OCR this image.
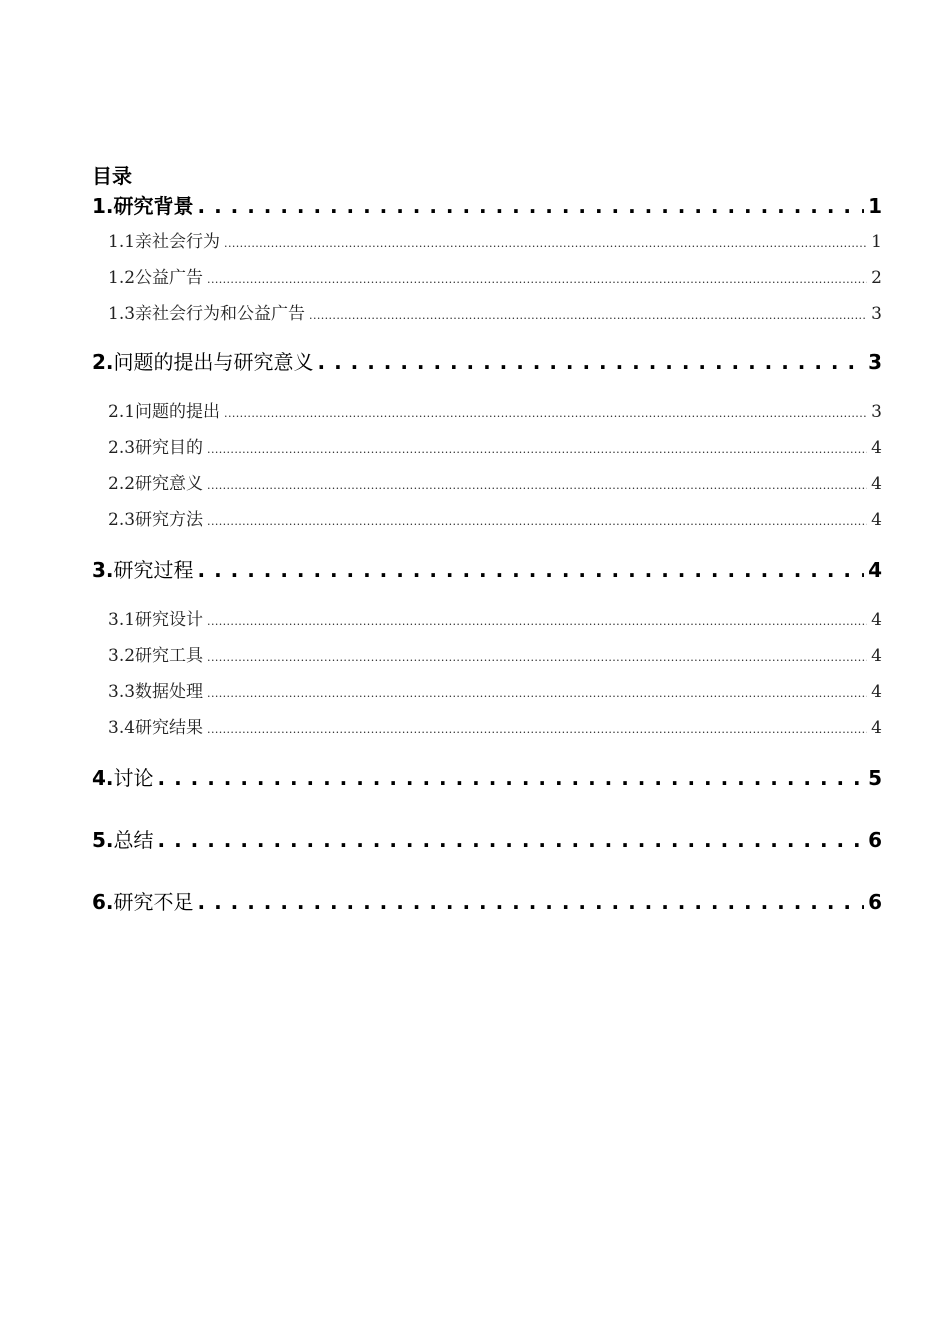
目录
1. 研究背景 . . .	1
1.1 亲社会行为 .....	1
1.2 公益广告 .....	2
1.3 亲社会行为和公益广告 .....	3
2. 问题的提出与研究意义 . . .	3
2.1 问题的提出 .....	3
2.3 研究目的 .....	4
2.2 研究意义 .....	4
2.3 研究方法 .....	4
3. 研究过程 . . .	4
3.1 研究设计 .....	4
3.2 研究工具 .....	4
3.3 数据处理 .....	4
3.4 研究结果 .....	4
4. 讨论 . . .	5
5. 总结 . . .	6
6. 研究不足 . . .	6
